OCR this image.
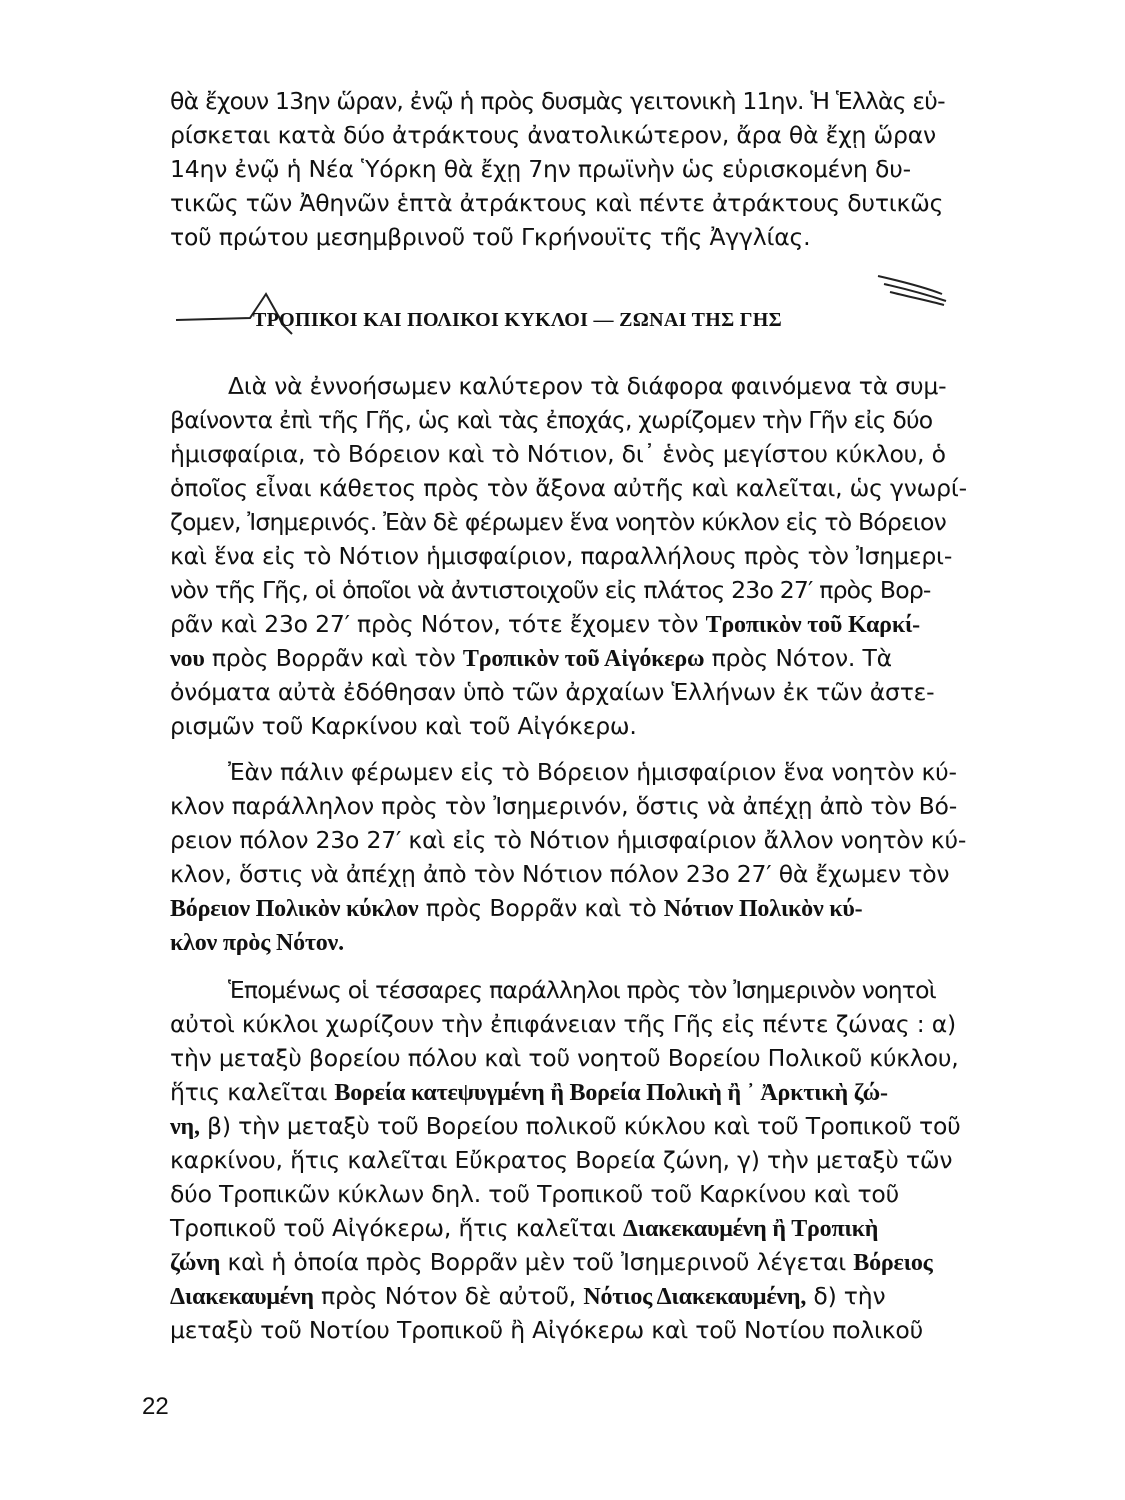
θὰ ἔχουν 13ην ὥραν, ἐνῷ ἡ πρὸς δυσμὰς γειτονικὴ 11ην. Ἡ Ἑλλὰς εὑ-
ρίσκεται κατὰ δύο ἀτράκτους ἀνατολικώτερον, ἄρα θὰ ἔχῃ ὥραν
14ην ἐνῷ ἡ Νέα Ὑόρκη θὰ ἔχῃ 7ην πρωϊνὴν ὡς εὑρισκομένη δυ-
τικῶς τῶν Ἀθηνῶν ἑπτὰ ἀτράκτους καὶ πέντε ἀτράκτους δυτικῶς
τοῦ πρώτου μεσημβρινοῦ τοῦ Γκρήνουϊτς τῆς Ἀγγλίας.
ΤΡΟΠΙΚΟΙ ΚΑΙ ΠΟΛΙΚΟΙ ΚΥΚΛΟΙ — ΖΩΝΑΙ ΤΗΣ ΓΗΣ
Διὰ νὰ ἐννοήσωμεν καλύτερον τὰ διάφορα φαινόμενα τὰ συμ-
βαίνοντα ἐπὶ τῆς Γῆς, ὡς καὶ τὰς ἐποχάς, χωρίζομεν τὴν Γῆν εἰς δύο
ἡμισφαίρια, τὸ Βόρειον καὶ τὸ Νότιον, δι᾿ ἑνὸς μεγίστου κύκλου, ὁ
ὁποῖος εἶναι κάθετος πρὸς τὸν ἄξονα αὐτῆς καὶ καλεῖται, ὡς γνωρί-
ζομεν, Ἰσημερινός. Ἐὰν δὲ φέρωμεν ἕνα νοητὸν κύκλον εἰς τὸ Βόρειον
καὶ ἕνα εἰς τὸ Νότιον ἡμισφαίριον, παραλλήλους πρὸς τὸν Ἰσημερι-
νὸν τῆς Γῆς, οἱ ὁποῖοι νὰ ἀντιστοιχοῦν εἰς πλάτος 23ο 27′ πρὸς Βορ-
ρᾶν καὶ 23ο 27′ πρὸς Νότον, τότε ἔχομεν τὸν Τροπικὸν τοῦ Καρκί-
νου πρὸς Βορρᾶν καὶ τὸν Τροπικὸν τοῦ Αἰγόκερω πρὸς Νότον. Τὰ
ὀνόματα αὐτὰ ἐδόθησαν ὑπὸ τῶν ἀρχαίων Ἑλλήνων ἐκ τῶν ἀστε-
ρισμῶν τοῦ Καρκίνου καὶ τοῦ Αἰγόκερω.
Ἐὰν πάλιν φέρωμεν εἰς τὸ Βόρειον ἡμισφαίριον ἕνα νοητὸν κύ-
κλον παράλληλον πρὸς τὸν Ἰσημερινόν, ὅστις νὰ ἀπέχῃ ἀπὸ τὸν Βό-
ρειον πόλον 23ο 27′ καὶ εἰς τὸ Νότιον ἡμισφαίριον ἄλλον νοητὸν κύ-
κλον, ὅστις νὰ ἀπέχῃ ἀπὸ τὸν Νότιον πόλον 23ο 27′ θὰ ἔχωμεν τὸν
Βόρειον Πολικὸν κύκλον πρὸς Βορρᾶν καὶ τὸ Νότιον Πολικὸν κύ-
κλον πρὸς Νότον.
Ἑπομένως οἱ τέσσαρες παράλληλοι πρὸς τὸν Ἰσημερινὸν νοητοὶ
αὐτοὶ κύκλοι χωρίζουν τὴν ἐπιφάνειαν τῆς Γῆς εἰς πέντε ζώνας : α)
τὴν μεταξὺ βορείου πόλου καὶ τοῦ νοητοῦ Βορείου Πολικοῦ κύκλου,
ἥτις καλεῖται Βορεία κατεψυγμένη ἢ Βορεία Πολικὴ ἢ ᾿ Ἀρκτικὴ ζώ-
νη, β) τὴν μεταξὺ τοῦ Βορείου πολικοῦ κύκλου καὶ τοῦ Τροπικοῦ τοῦ
καρκίνου, ἥτις καλεῖται Εὔκρατος Βορεία ζώνη, γ) τὴν μεταξὺ τῶν
δύο Τροπικῶν κύκλων δηλ. τοῦ Τροπικοῦ τοῦ Καρκίνου καὶ τοῦ
Τροπικοῦ τοῦ Αἰγόκερω, ἥτις καλεῖται Διακεκαυμένη ἢ Τροπικὴ
ζώνη καὶ ἡ ὁποία πρὸς Βορρᾶν μὲν τοῦ Ἰσημερινοῦ λέγεται Βόρειος
Διακεκαυμένη πρὸς Νότον δὲ αὐτοῦ, Νότιος Διακεκαυμένη, δ) τὴν
μεταξὺ τοῦ Νοτίου Τροπικοῦ ἢ Αἰγόκερω καὶ τοῦ Νοτίου πολικοῦ
22
